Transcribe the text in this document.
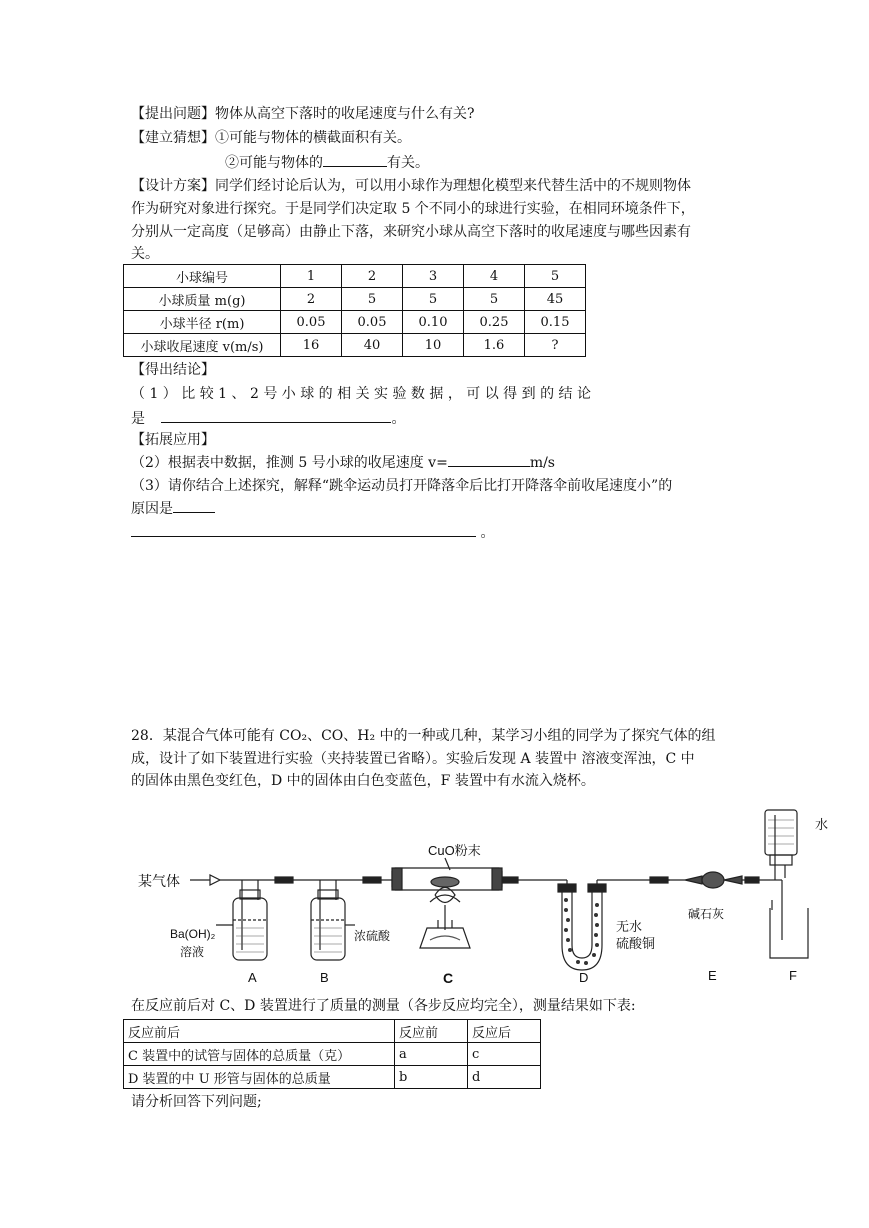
【提出问题】物体从高空下落时的收尾速度与什么有关?
【建立猜想】①可能与物体的横截面积有关。
②可能与物体的	有关。
【设计方案】同学们经讨论后认为，可以用小球作为理想化模型来代替生活中的不规则物体
作为研究对象进行探究。于是同学们决定取 5 个不同小的球进行实验，在相同环境条件下，
分别从一定高度（足够高）由静止下落，来研究小球从高空下落时的收尾速度与哪些因素有
关。
小球编号	1	2	3	4	5
小球质量 m(g)	2	5	5	5	45
小球半径 r(m)	0.05	0.05	0.10	0.25	0.15
小球收尾速度 v(m/s)	16	40	10	1.6	?
【得出结论】
（ 1 ） 比 较 1 、 2 号 小 球 的 相 关 实 验 数 据 ， 可 以 得 到 的 结 论
是	。
【拓展应用】
（2）根据表中数据，推测 5 号小球的收尾速度 v=	m/s
（3）请你结合上述探究，解释“跳伞运动员打开降落伞后比打开降落伞前收尾速度小”的
原因是
。
28．某混合气体可能有 CO₂、CO、H₂ 中的一种或几种，某学习小组的同学为了探究气体的组
成，设计了如下装置进行实验（夹持装置已省略）。实验后发现 A 装置中 溶液变浑浊，C 中
的固体由黑色变红色，D 中的固体由白色变蓝色，F 装置中有水流入烧杯。
某气体
CuO粉末
Ba(OH)₂
溶液
浓硫酸
无水
硫酸铜
碱石灰
水
A	B	C	D	E	F
在反应前后对 C、D 装置进行了质量的测量（各步反应均完全），测量结果如下表:
反应前后	反应前	反应后
C 装置中的试管与固体的总质量（克）	a	c
D 装置的中 U 形管与固体的总质量	b	d
请分析回答下列问题;
